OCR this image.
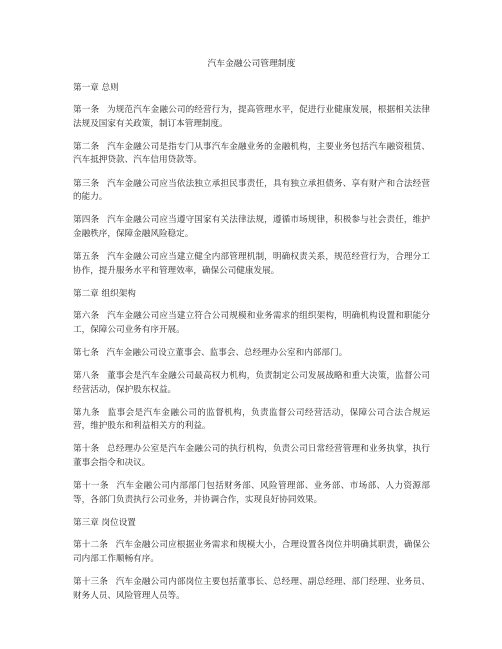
汽车金融公司管理制度
第一章 总则
第一条 为规范汽车金融公司的经营行为，提高管理水平，促进行业健康发展，根据相关法律法规及国家有关政策，制订本管理制度。
第二条 汽车金融公司是指专门从事汽车金融业务的金融机构，主要业务包括汽车融资租赁、汽车抵押贷款、汽车信用贷款等。
第三条 汽车金融公司应当依法独立承担民事责任，具有独立承担债务、享有财产和合法经营的能力。
第四条 汽车金融公司应当遵守国家有关法律法规，遵循市场规律，积极参与社会责任，维护金融秩序，保障金融风险稳定。
第五条 汽车金融公司应当建立健全内部管理机制，明确权责关系，规范经营行为，合理分工协作，提升服务水平和管理效率，确保公司健康发展。
第二章 组织架构
第六条 汽车金融公司应当建立符合公司规模和业务需求的组织架构，明确机构设置和职能分工，保障公司业务有序开展。
第七条 汽车金融公司设立董事会、监事会、总经理办公室和内部部门。
第八条 董事会是汽车金融公司最高权力机构，负责制定公司发展战略和重大决策，监督公司经营活动，保护股东权益。
第九条 监事会是汽车金融公司的监督机构，负责监督公司经营活动，保障公司合法合规运营，维护股东和利益相关方的利益。
第十条 总经理办公室是汽车金融公司的执行机构，负责公司日常经营管理和业务执掌，执行董事会指令和决议。
第十一条 汽车金融公司内部部门包括财务部、风险管理部、业务部、市场部、人力资源部等，各部门负责执行公司业务，并协调合作，实现良好协同效果。
第三章 岗位设置
第十二条 汽车金融公司应根据业务需求和规模大小，合理设置各岗位并明确其职责，确保公司内部工作顺畅有序。
第十三条 汽车金融公司内部岗位主要包括董事长、总经理、副总经理、部门经理、业务员、财务人员、风险管理人员等。
